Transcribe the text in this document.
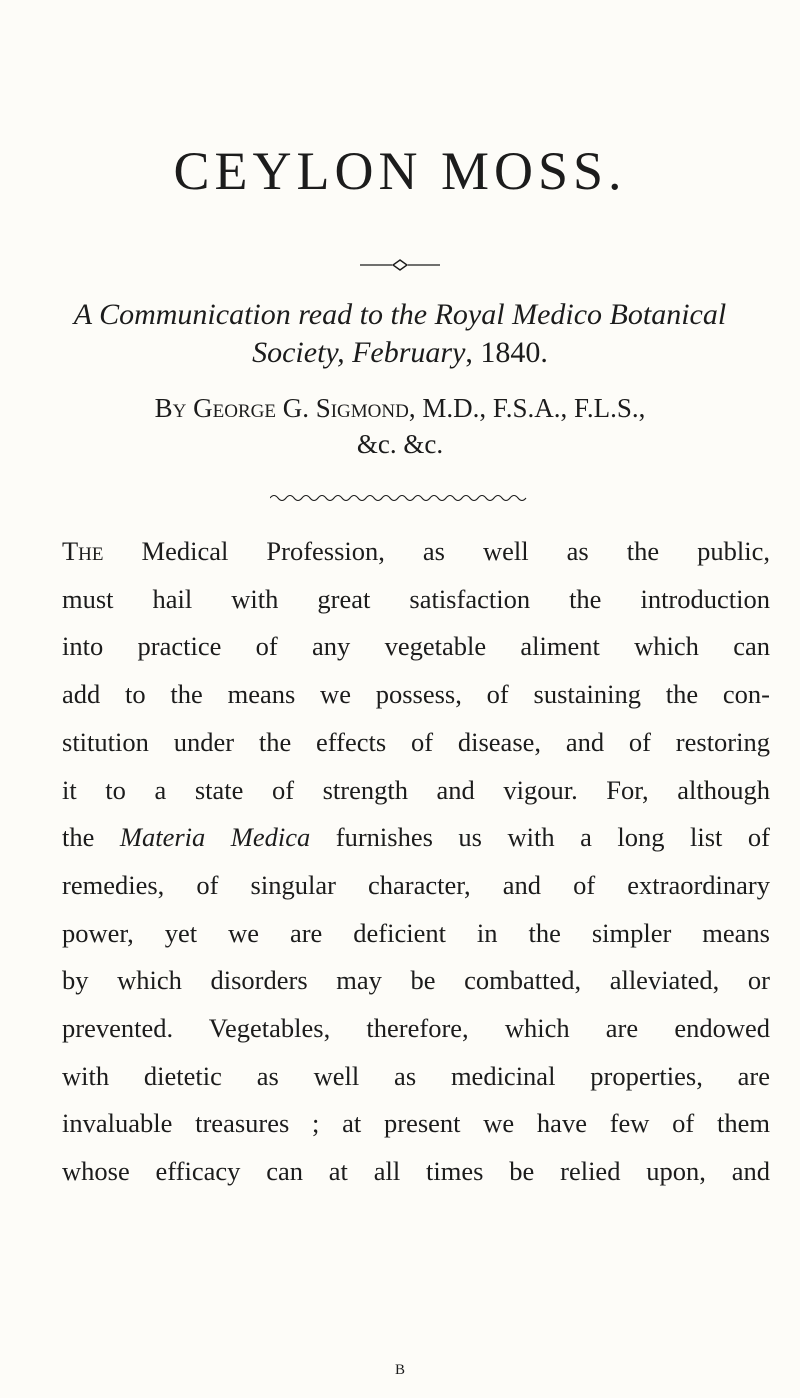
CEYLON MOSS.
A Communication read to the Royal Medico Botanical
Society, February, 1840.
By George G. Sigmond, M.D., F.S.A., F.L.S.,
&c. &c.
The Medical Profession, as well as the public,
must hail with great satisfaction the introduction
into practice of any vegetable aliment which can
add to the means we possess, of sustaining the con-
stitution under the effects of disease, and of restoring
it to a state of strength and vigour. For, although
the Materia Medica furnishes us with a long list of
remedies, of singular character, and of extraordinary
power, yet we are deficient in the simpler means
by which disorders may be combatted, alleviated, or
prevented. Vegetables, therefore, which are endowed
with dietetic as well as medicinal properties, are
invaluable treasures ; at present we have few of them
whose efficacy can at all times be relied upon, and
B
